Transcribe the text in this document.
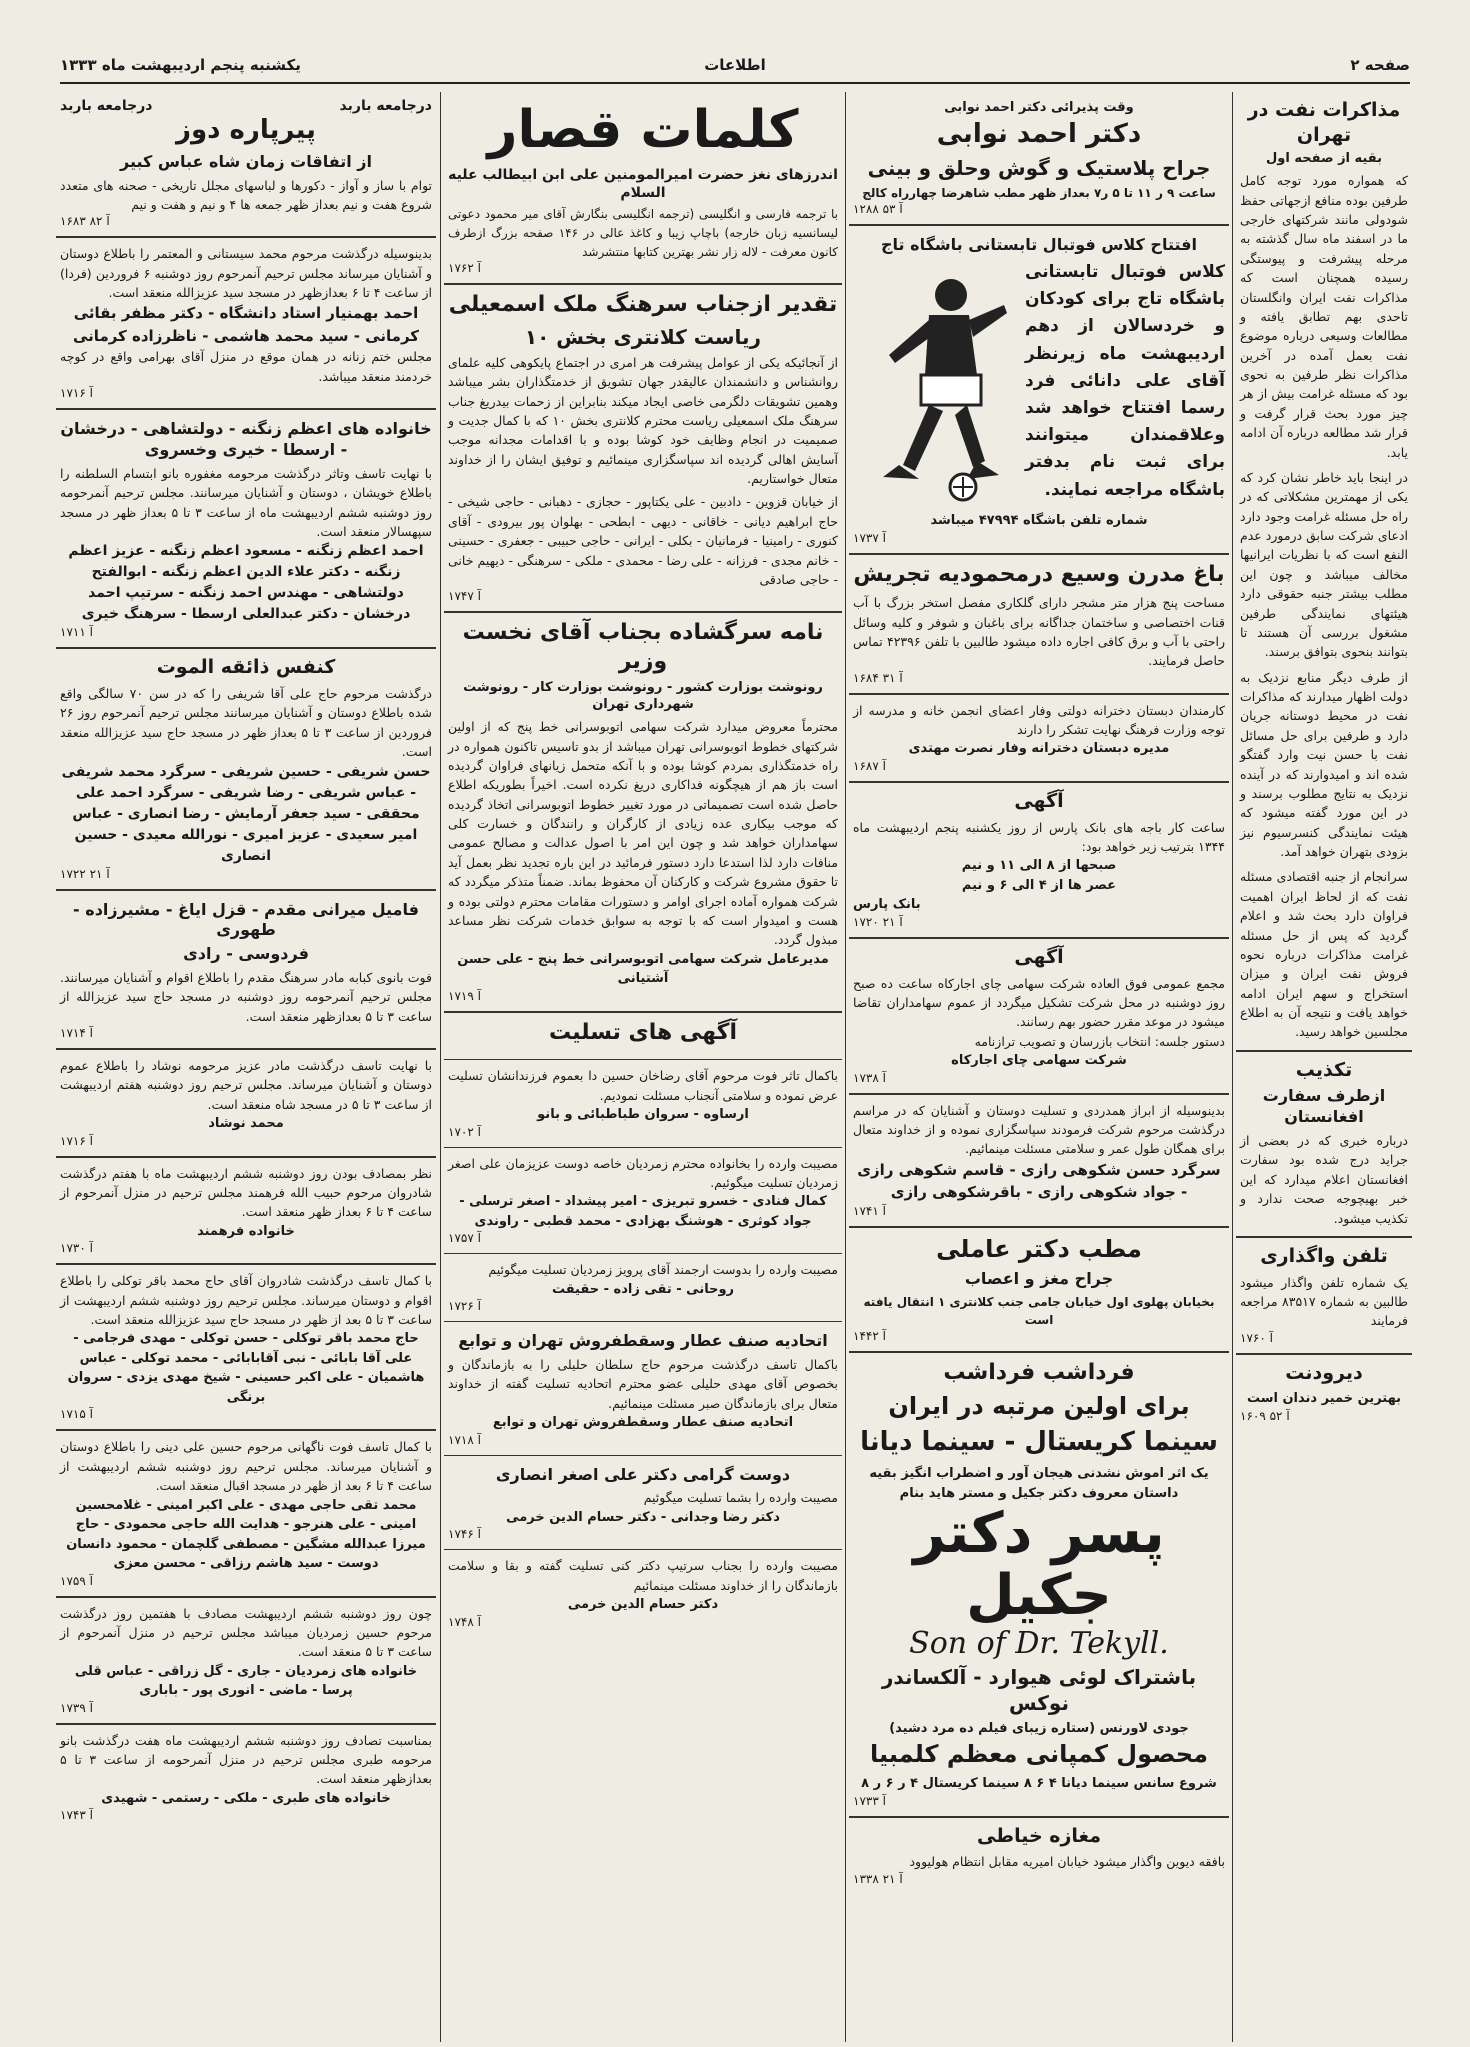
صفحه ۲
اطلاعات
یکشنبه پنجم اردیبهشت ماه ۱۳۳۳
مذاکرات نفت در تهران
بقیه از صفحه اول
که همواره مورد توجه کامل طرفین بوده منافع ازجهاتی حفظ شودولی مانند شرکتهای خارجی ما در اسفند ماه سال گذشته به مرحله پیشرفت و پیوستگی رسیده همچنان است که مذاکرات نفت ایران وانگلستان تاحدی بهم تطابق یافته و مطالعات وسیعی درباره موضوع نفت بعمل آمده در آخرین مذاکرات نظر طرفین به نحوی بود که مسئله غرامت بیش از هر چیز مورد بحث قرار گرفت و قرار شد مطالعه درباره آن ادامه یابد.
در اینجا باید خاطر نشان کرد که یکی از مهمترین مشکلاتی که در راه حل مسئله غرامت وجود دارد ادعای شرکت سابق درمورد عدم النفع است که با نظریات ایرانیها مخالف میباشد و چون این مطلب بیشتر جنبه حقوقی دارد هیئتهای نمایندگی طرفین مشغول بررسی آن هستند تا بتوانند بنحوی بتوافق برسند.
از طرف دیگر منابع نزدیک به دولت اظهار میدارند که مذاکرات نفت در محیط دوستانه جریان دارد و طرفین برای حل مسائل نفت با حسن نیت وارد گفتگو شده اند و امیدوارند که در آینده نزدیک به نتایج مطلوب برسند و در این مورد گفته میشود که هیئت نمایندگی کنسرسیوم نیز بزودی بتهران خواهد آمد.
سرانجام از جنبه اقتصادی مسئله نفت که از لحاظ ایران اهمیت فراوان دارد بحث شد و اعلام گردید که پس از حل مسئله غرامت مذاکرات درباره نحوه فروش نفت ایران و میزان استخراج و سهم ایران ادامه خواهد یافت و نتیجه آن به اطلاع مجلسین خواهد رسید.
تکذیب
ازطرف سفارت افغانستان
درباره خبری که در بعضی از جراید درج شده بود سفارت افغانستان اعلام میدارد که این خبر بهیچوجه صحت ندارد و تکذیب میشود.
تلفن واگذاری
یک شماره تلفن واگذار میشود طالبین به شماره ۸۳۵۱۷ مراجعه فرمایند
۱۷۶۰ آ
دیرودنت
بهترین خمیر دندان است
۱۶۰۹ آ ۵۲
وقت پذیرائی دکتر احمد نوابی
دکتر احمد نوابی
جراح پلاستیک و گوش وحلق و بینی
ساعت ۹ ر ۱۱ تا ۵ ر۷ بعداز ظهر مطب شاهرضا چهارراه کالج
۱۲۸۸ آ ۵۳
افتتاح کلاس فوتبال تابستانی باشگاه تاج
کلاس فوتبال تابستانی باشگاه تاج برای کودکان و خردسالان از دهم اردیبهشت ماه زیرنظر آقای علی دانائی فرد رسما افتتاح خواهد شد وعلاقمندان میتوانند برای ثبت نام بدفتر باشگاه مراجعه نمایند.
شماره تلفن باشگاه ۴۷۹۹۴ میباشد
۱۷۳۷ آ
باغ مدرن وسیع درمحمودیه تجریش
مساحت پنج هزار متر مشجر دارای گلکاری مفصل استخر بزرگ با آب قنات اختصاصی و ساختمان جداگانه برای باغبان و شوفر و کلیه وسائل راحتی با آب و برق کافی اجاره داده میشود طالبین با تلفن ۴۲۳۹۶ تماس حاصل فرمایند.
۱۶۸۴ آ ۳۱
کارمندان دبستان دخترانه دولتی وفار اعضای انجمن خانه و مدرسه از توجه وزارت فرهنگ نهایت تشکر را دارند
مدیره دبستان دخترانه وفار نصرت مهتدی
۱۶۸۷ آ
آگهی
ساعت کار باجه های بانک پارس از روز یکشنبه پنجم اردیبهشت ماه ۱۳۴۴ بترتیب زیر خواهد بود:
صبحها از ۸ الی ۱۱ و نیم
عصر ها از ۴ الی ۶ و نیم
بانک پارس
۱۷۲۰ آ ۲۱
آگهی
مجمع عمومی فوق العاده شرکت سهامی چای اجارکاه ساعت ده صبح روز دوشنبه در محل شرکت تشکیل میگردد از عموم سهامداران تقاضا میشود در موعد مقرر حضور بهم رسانند.
دستور جلسه: انتخاب بازرسان و تصویب ترازنامه
شرکت سهامی چای اجارکاه
۱۷۳۸ آ
بدینوسیله از ابراز همدردی و تسلیت دوستان و آشنایان که در مراسم درگذشت مرحوم شرکت فرمودند سپاسگزاری نموده و از خداوند متعال برای همگان طول عمر و سلامتی مسئلت مینمائیم.
سرگرد حسن شکوهی رازی - قاسم شکوهی رازی - جواد شکوهی رازی - باقرشکوهی رازی
۱۷۴۱ آ
مطب دکتر عاملی
جراح مغز و اعصاب
بخیابان پهلوی اول خیابان جامی جنب کلانتری ۱ انتقال یافته است
۱۴۴۲ آ
فرداشب فرداشب
برای اولین مرتبه در ایران
سینما کریستال - سینما دیانا
یک اثر اموش نشدنی هیجان آور و اضطراب انگیز بقیه داستان معروف دکتر جکیل و مستر هاید بنام
پسر دکتر جکیل
Son of Dr. Tekyll.
باشتراک لوئی هیوارد - آلکساندر نوکس
جودی لاورنس (ستاره زیبای فیلم ده مرد دشید)
محصول کمپانی معظم کلمبیا
شروع سانس سینما دیانا ۴ ۶ ۸ سینما کریستال ۴ ر ۶ ر ۸
۱۷۳۳ آ
مغازه خیاطی
بافقه دیوین واگذار میشود خیابان امیریه مقابل انتظام هولیوود
۱۳۳۸ آ ۲۱
کلمات قصار
اندرزهای نغز حضرت امیرالمومنین علی ابن ابیطالب علیه السلام
با ترجمه فارسی و انگلیسی (ترجمه انگلیسی بنگارش آقای میر محمود دعوتی لیسانسیه زبان خارجه) باچاپ زیبا و کاغذ عالی در ۱۴۶ صفحه بزرگ ازطرف کانون معرفت - لاله زار نشر بهترین کتابها منتشرشد
۱۷۶۲ آ
تقدیر ازجناب سرهنگ ملک اسمعیلی
ریاست کلانتری بخش ۱۰
از آنجائیکه یکی از عوامل پیشرفت هر امری در اجتماع پایکوهی کلیه علمای روانشناس و دانشمندان عالیقدر جهان تشویق از خدمتگذاران بشر میباشد وهمین تشویقات دلگرمی خاصی ایجاد میکند بنابراین از زحمات بیدریغ جناب سرهنگ ملک اسمعیلی ریاست محترم کلانتری بخش ۱۰ که با کمال جدیت و صمیمیت در انجام وظایف خود کوشا بوده و با اقدامات مجدانه موجب آسایش اهالی گردیده اند سپاسگزاری مینمائیم و توفیق ایشان را از خداوند متعال خواستاریم.
از خیابان قزوین - دادبین - علی یکتاپور - حجازی - دهبانی - حاجی شیخی - حاج ابراهیم دیانی - خاقانی - دیهی - ابطحی - بهلوان پور بیرودی - آقای کنوری - رامینیا - فرمانیان - بکلی - ایرانی - حاجی حبیبی - جعفری - حسینی - خانم مجدی - فرزانه - علی رضا - محمدی - ملکی - سرهنگی - دیهیم خانی - حاجی صادقی
۱۷۴۷ آ
نامه سرگشاده بجناب آقای نخست وزیر
رونوشت بوزارت کشور - رونوشت بوزارت کار - رونوشت شهرداری تهران
محترماً معروض میدارد شرکت سهامی اتوبوسرانی خط پنج که از اولین شرکتهای خطوط اتوبوسرانی تهران میباشد از بدو تاسیس تاکنون همواره در راه خدمتگذاری بمردم کوشا بوده و با آنکه متحمل زیانهای فراوان گردیده است باز هم از هیچگونه فداکاری دریغ نکرده است. اخیراً بطوریکه اطلاع حاصل شده است تصمیماتی در مورد تغییر خطوط اتوبوسرانی اتخاذ گردیده که موجب بیکاری عده زیادی از کارگران و رانندگان و خسارت کلی سهامداران خواهد شد و چون این امر با اصول عدالت و مصالح عمومی منافات دارد لذا استدعا دارد دستور فرمائید در این باره تجدید نظر بعمل آید تا حقوق مشروع شرکت و کارکنان آن محفوظ بماند. ضمناً متذکر میگردد که شرکت همواره آماده اجرای اوامر و دستورات مقامات محترم دولتی بوده و هست و امیدوار است که با توجه به سوابق خدمات شرکت نظر مساعد مبذول گردد.
مدیرعامل شرکت سهامی اتوبوسرانی خط پنج - علی حسن آشتیانی
۱۷۱۹ آ
آگهی های تسلیت
باکمال تاثر فوت مرحوم آقای رضاخان حسین دا بعموم فرزندانشان تسلیت عرض نموده و سلامتی آنجناب مسئلت نمودیم.
ارساوه - سروان طباطبائی و بانو
۱۷۰۲ آ
مصیبت وارده را بخانواده محترم زمردیان خاصه دوست عزیزمان علی اصغر زمردیان تسلیت میگوئیم.
کمال فنادی - خسرو تبریزی - امیر پیشداد - اصغر ترسلی - جواد کوثری - هوشنگ بهزادی - محمد قطبی - راوندی
۱۷۵۷ آ
مصیبت وارده را بدوست ارجمند آقای پرویز زمردیان تسلیت میگوئیم
روحانی - تقی زاده - حقیقت
۱۷۲۶ آ
اتحادیه صنف عطار وسقطفروش تهران و توابع
باکمال تاسف درگذشت مرحوم حاج سلطان حلیلی را به بازماندگان و بخصوص آقای مهدی حلیلی عضو محترم اتحادیه تسلیت گفته از خداوند متعال برای بازماندگان صبر مسئلت مینمائیم.
اتحادیه صنف عطار وسقطفروش تهران و توابع
۱۷۱۸ آ
دوست گرامی دکتر علی اصغر انصاری
مصیبت وارده را بشما تسلیت میگوئیم
دکتر رضا وجدانی - دکتر حسام الدین خرمی
۱۷۴۶ آ
مصیبت وارده را بجناب سرتیپ دکتر کنی تسلیت گفته و بقا و سلامت بازماندگان را از خداوند مسئلت مینمائیم
دکتر حسام الدین خرمی
۱۷۴۸ آ
درجامعه باربد
درجامعه باربد
پیرپاره دوز
از اتفاقات زمان شاه عباس کبیر
توام با ساز و آواز - دکورها و لباسهای مجلل تاریخی - صحنه های متعدد شروع هفت و نیم بعداز ظهر جمعه ها ۴ و نیم و هفت و نیم
۱۶۸۳ آ ۸۲
بدینوسیله درگذشت مرحوم محمد سیستانی و المعتمر را باطلاع دوستان و آشنایان میرساند مجلس ترحیم آنمرحوم روز دوشنبه ۶ فروردین (فردا) از ساعت ۴ تا ۶ بعدازظهر در مسجد سید عزیزالله منعقد است.
احمد بهمنیار استاد دانشگاه - دکتر مظفر بقائی کرمانی - سید محمد هاشمی - ناظرزاده کرمانی
مجلس ختم زنانه در همان موقع در منزل آقای بهرامی واقع در کوچه خردمند منعقد میباشد.
۱۷۱۶ آ
خانواده های اعظم زنگنه - دولتشاهی - درخشان - ارسطا - خیری وخسروی
با نهایت تاسف وتاثر درگذشت مرحومه مغفوره بانو ابتسام السلطنه را باطلاع خویشان ، دوستان و آشنایان میرسانند. مجلس ترحیم آنمرحومه روز دوشنبه ششم اردیبهشت ماه از ساعت ۳ تا ۵ بعداز ظهر در مسجد سپهسالار منعقد است.
احمد اعظم زنگنه - مسعود اعظم زنگنه - عزیز اعظم زنگنه - دکتر علاء الدین اعظم زنگنه - ابوالفتح دولتشاهی - مهندس احمد زنگنه - سرتیپ احمد درخشان - دکتر عبدالعلی ارسطا - سرهنگ خیری
۱۷۱۱ آ
کنفس ذائقه الموت
درگذشت مرحوم حاج علی آقا شریفی را که در سن ۷۰ سالگی واقع شده باطلاع دوستان و آشنایان میرسانند مجلس ترحیم آنمرحوم روز ۲۶ فروردین از ساعت ۳ تا ۵ بعداز ظهر در مسجد حاج سید عزیزالله منعقد است.
حسن شریفی - حسین شریفی - سرگرد محمد شریفی - عباس شریفی - رضا شریفی - سرگرد احمد علی محققی - سید جعفر آرمایش - رضا انصاری - عباس امیر سعیدی - عزیز امیری - نورالله معیدی - حسین انصاری
۱۷۲۲ آ ۲۱
فامیل میرانی مقدم - قزل ایاغ - مشیرزاده - طهوری
فردوسی - رادی
فوت بانوی کبابه مادر سرهنگ مقدم را باطلاع اقوام و آشنایان میرسانند. مجلس ترحیم آنمرحومه روز دوشنبه در مسجد حاج سید عزیزالله از ساعت ۳ تا ۵ بعدازظهر منعقد است.
۱۷۱۴ آ
با نهایت تاسف درگذشت مادر عزیز مرحومه نوشاد را باطلاع عموم دوستان و آشنایان میرساند. مجلس ترحیم روز دوشنبه هفتم اردیبهشت از ساعت ۳ تا ۵ در مسجد شاه منعقد است.
محمد نوشاد
۱۷۱۶ آ
نظر بمصادف بودن روز دوشنبه ششم اردیبهشت ماه با هفتم درگذشت شادروان مرحوم حبیب الله فرهمند مجلس ترحیم در منزل آنمرحوم از ساعت ۴ تا ۶ بعداز ظهر منعقد است.
خانواده فرهمند
۱۷۳۰ آ
با کمال تاسف درگذشت شادروان آقای حاج محمد باقر توکلی را باطلاع اقوام و دوستان میرساند. مجلس ترحیم روز دوشنبه ششم اردیبهشت از ساعت ۳ تا ۵ بعد از ظهر در مسجد حاج سید عزیزالله منعقد است.
حاج محمد باقر توکلی - حسن توکلی - مهدی فرجامی - علی آقا بابائی - نبی آقابابائی - محمد توکلی - عباس هاشمیان - علی اکبر حسینی - شیخ مهدی یزدی - سروان برنگی
۱۷۱۵ آ
با کمال تاسف فوت ناگهانی مرحوم حسین علی دینی را باطلاع دوستان و آشنایان میرساند. مجلس ترحیم روز دوشنبه ششم اردیبهشت از ساعت ۴ تا ۶ بعد از ظهر در مسجد اقبال منعقد است.
محمد تقی حاجی مهدی - علی اکبر امینی - غلامحسین امینی - علی هنرجو - هدایت الله حاجی محمودی - حاج میرزا عبدالله مشگین - مصطفی گلچمان - محمود دانسان دوست - سید هاشم رزاقی - محسن معزی
۱۷۵۹ آ
چون روز دوشنبه ششم اردیبهشت مصادف با هفتمین روز درگذشت مرحوم حسین زمردیان میباشد مجلس ترحیم در منزل آنمرحوم از ساعت ۳ تا ۵ منعقد است.
خانواده های زمردیان - جاری - گل زراقی - عباس قلی پرسا - ماضی - انوری پور - باباری
۱۷۳۹ آ
بمناسبت تصادف روز دوشنبه ششم اردیبهشت ماه هفت درگذشت بانو مرحومه طبری مجلس ترحیم در منزل آنمرحومه از ساعت ۳ تا ۵ بعدازظهر منعقد است.
خانواده های طبری - ملکی - رستمی - شهیدی
۱۷۴۳ آ
